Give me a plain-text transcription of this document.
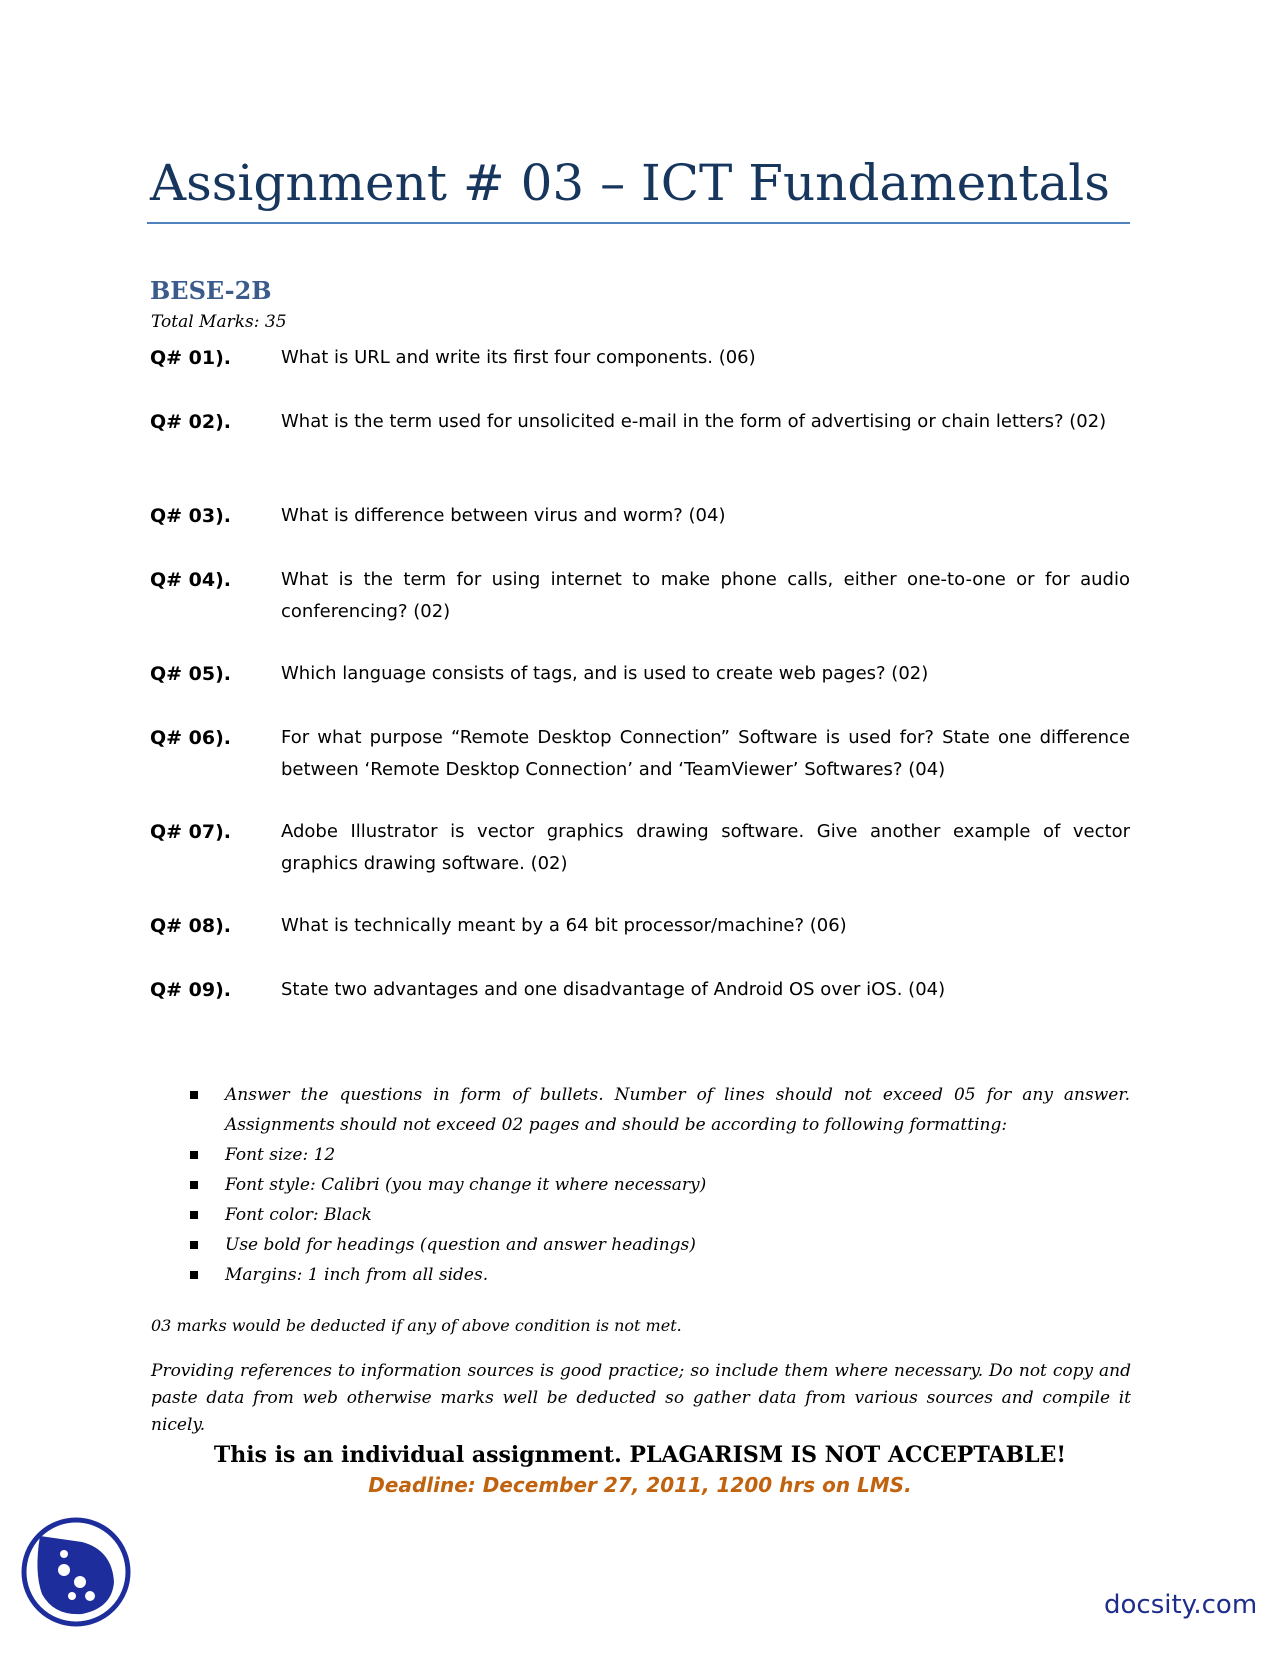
Assignment # 03 – ICT Fundamentals
BESE-2B
Total Marks: 35
Q# 01).	What is URL and write its first four components. (06)
Q# 02).	What is the term used for unsolicited e-mail in the form of advertising or chain letters? (02)
Q# 03).	What is difference between virus and worm? (04)
Q# 04).	What is the term for using internet to make phone calls, either one-to-one or for audio conferencing? (02)
Q# 05).	Which language consists of tags, and is used to create web pages? (02)
Q# 06).	For what purpose “Remote Desktop Connection” Software is used for? State one difference between ‘Remote Desktop Connection’ and ‘TeamViewer’ Softwares? (04)
Q# 07).	Adobe Illustrator is vector graphics drawing software. Give another example of vector graphics drawing software. (02)
Q# 08).	What is technically meant by a 64 bit processor/machine? (06)
Q# 09).	State two advantages and one disadvantage of Android OS over iOS. (04)
Answer the questions in form of bullets. Number of lines should not exceed 05 for any answer. Assignments should not exceed 02 pages and should be according to following formatting:
Font size: 12
Font style: Calibri (you may change it where necessary)
Font color: Black
Use bold for headings (question and answer headings)
Margins: 1 inch from all sides.
03 marks would be deducted if any of above condition is not met.
Providing references to information sources is good practice; so include them where necessary. Do not copy and paste data from web otherwise marks well be deducted so gather data from various sources and compile it nicely.
This is an individual assignment. PLAGARISM IS NOT ACCEPTABLE!
Deadline: December 27, 2011, 1200 hrs on LMS.
docsity.com
